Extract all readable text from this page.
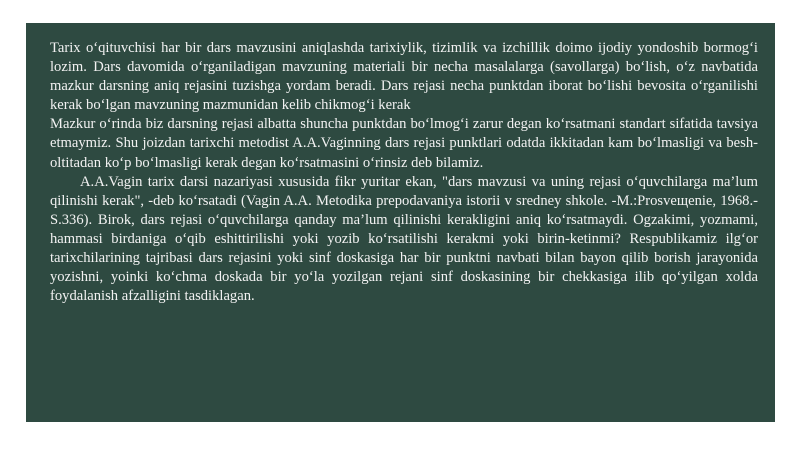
Tarix o‘qituvchisi har bir dars mavzusini aniqlashda tarixiylik, tizimlik va izchillik doimo ijodiy yondoshib bormog‘i lozim. Dars davomida o‘rganiladigan mavzuning materiali bir necha masalalarga (savollarga) bo‘lish, o‘z navbatida mazkur darsning aniq rejasini tuzishga yordam beradi. Dars rejasi necha punktdan iborat bo‘lishi bevosita o‘rganilishi kerak bo‘lgan mavzuning mazmunidan kelib chikmog‘i kerak

Mazkur o‘rinda biz darsning rejasi albatta shuncha punktdan bo‘lmog‘i zarur degan ko‘rsatmani standart sifatida tavsiya etmaymiz. Shu joizdan tarixchi metodist A.A.Vaginning dars rejasi punktlari odatda ikkitadan kam bo‘lmasligi va besh-oltitadan ko‘p bo‘lmasligi kerak degan ko‘rsatmasini o‘rinsiz deb bilamiz.

A.A.Vagin tarix darsi nazariyasi xususida fikr yuritar ekan, "dars mavzusi va uning rejasi o‘quvchilarga ma’lum qilinishi kerak", -deb ko‘rsatadi (Vagin A.A. Metodika prepodavaniya istorii v sredney shkole. -M.:Prosveщenie, 1968.-S.336). Birok, dars rejasi o‘quvchilarga qanday ma’lum qilinishi kerakligini aniq ko‘rsatmaydi. Ogzakimi, yozmami, hammasi birdaniga o‘qib eshittirilishi yoki yozib ko‘rsatilishi kerakmi yoki birin-ketinmi? Respublikamiz ilg‘or tarixchilarining tajribasi dars rejasini yoki sinf doskasiga har bir punktni navbati bilan bayon qilib borish jarayonida yozishni, yoinki ko‘chma doskada bir yo‘la yozilgan rejani sinf doskasining bir chekkasiga ilib qo‘yilgan xolda foydalanish afzalligini tasdiklagan.
